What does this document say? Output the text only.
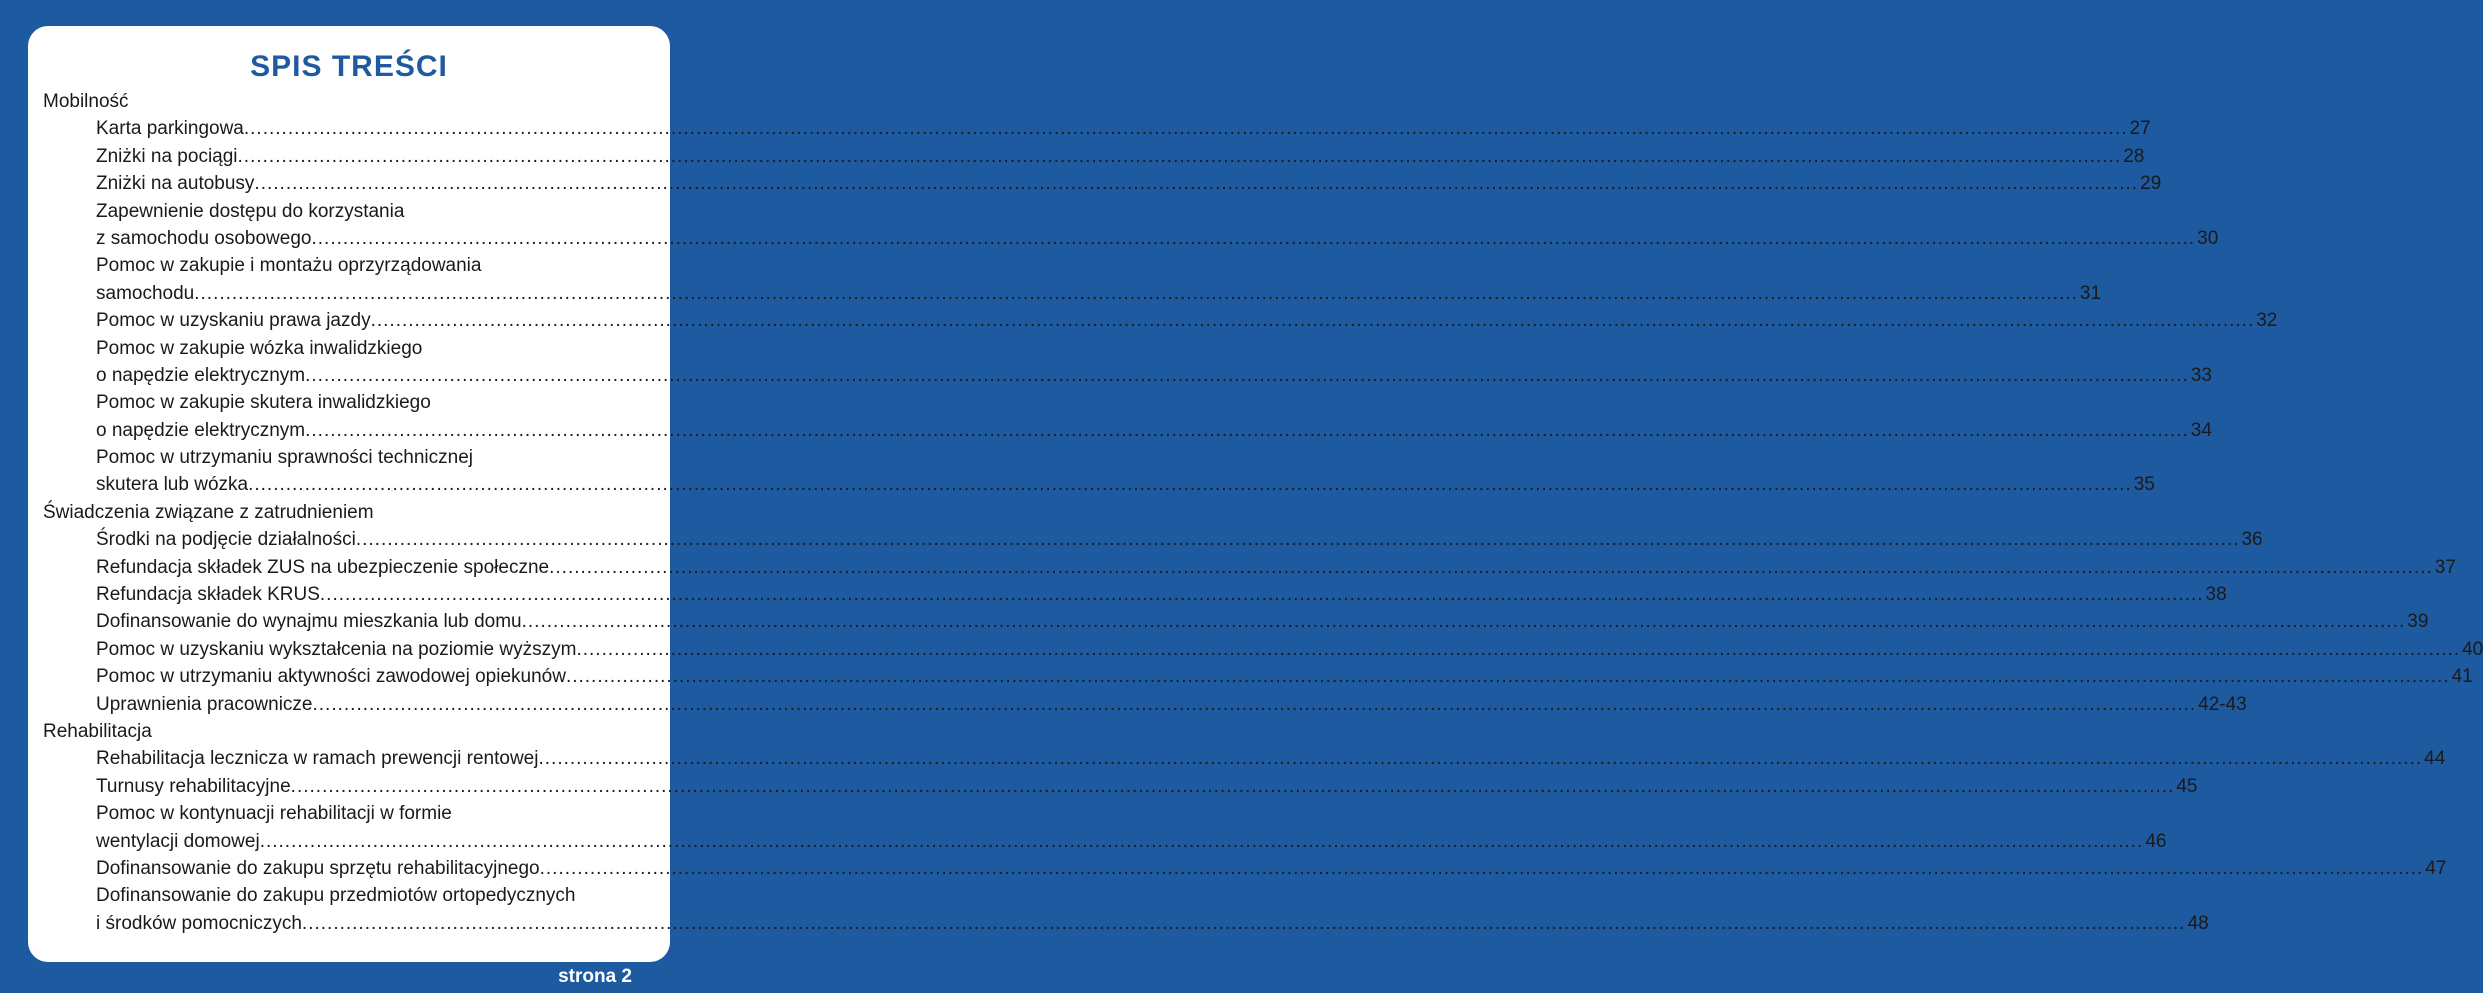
SPIS TREŚCI
Mobilność
Karta parkingowa ............................................................................................................................................................................................................................................................................................................ 27
Zniżki na pociągi ............................................................................................................................................................................................................................................................................................................ 28
Zniżki na autobusy ............................................................................................................................................................................................................................................................................................................ 29
Zapewnienie dostępu do korzystania
z samochodu osobowego ............................................................................................................................................................................................................................................................................................................ 30
Pomoc w zakupie i montażu oprzyrządowania
samochodu ............................................................................................................................................................................................................................................................................................................ 31
Pomoc w uzyskaniu prawa jazdy ............................................................................................................................................................................................................................................................................................................ 32
Pomoc w zakupie wózka inwalidzkiego
o napędzie elektrycznym ............................................................................................................................................................................................................................................................................................................ 33
Pomoc w zakupie skutera inwalidzkiego
o napędzie elektrycznym ............................................................................................................................................................................................................................................................................................................ 34
Pomoc w utrzymaniu sprawności technicznej
skutera lub wózka ............................................................................................................................................................................................................................................................................................................ 35
Świadczenia związane z zatrudnieniem
Środki na podjęcie działalności ............................................................................................................................................................................................................................................................................................................ 36
Refundacja składek ZUS na ubezpieczenie społeczne ............................................................................................................................................................................................................................................................................................................ 37
Refundacja składek KRUS ............................................................................................................................................................................................................................................................................................................ 38
Dofinansowanie do wynajmu mieszkania lub domu ............................................................................................................................................................................................................................................................................................................ 39
Pomoc w uzyskaniu wykształcenia na poziomie wyższym ............................................................................................................................................................................................................................................................................................................ 40
Pomoc w utrzymaniu aktywności zawodowej opiekunów ............................................................................................................................................................................................................................................................................................................ 41
Uprawnienia pracownicze ............................................................................................................................................................................................................................................................................................................ 42-43
Rehabilitacja
Rehabilitacja lecznicza w ramach prewencji rentowej ............................................................................................................................................................................................................................................................................................................ 44
Turnusy rehabilitacyjne ............................................................................................................................................................................................................................................................................................................ 45
Pomoc w kontynuacji rehabilitacji w formie
wentylacji domowej ............................................................................................................................................................................................................................................................................................................ 46
Dofinansowanie do zakupu sprzętu rehabilitacyjnego ............................................................................................................................................................................................................................................................................................................ 47
Dofinansowanie do zakupu przedmiotów ortopedycznych
i środków pomocniczych ............................................................................................................................................................................................................................................................................................................ 48
strona 2
